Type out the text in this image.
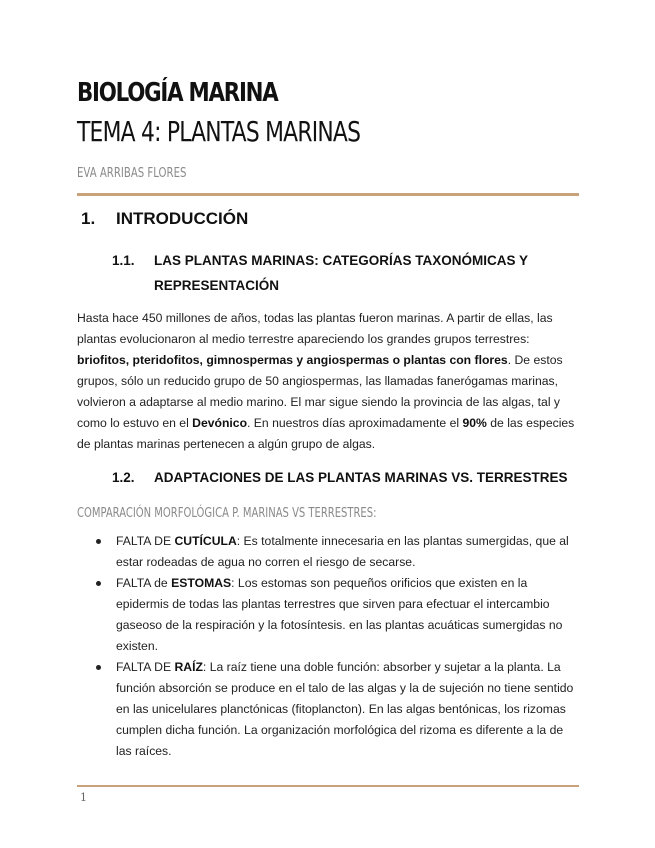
BIOLOGÍA MARINA
TEMA 4: PLANTAS MARINAS
EVA ARRIBAS FLORES
1. INTRODUCCIÓN
1.1. LAS PLANTAS MARINAS: CATEGORÍAS TAXONÓMICAS Y REPRESENTACIÓN

Hasta hace 450 millones de años, todas las plantas fueron marinas. A partir de ellas, las plantas evolucionaron al medio terrestre apareciendo los grandes grupos terrestres: briofitos, pteridofitos, gimnospermas y angiospermas o plantas con flores. De estos grupos, sólo un reducido grupo de 50 angiospermas, las llamadas fanerógamas marinas, volvieron a adaptarse al medio marino. El mar sigue siendo la provincia de las algas, tal y como lo estuvo en el Devónico. En nuestros días aproximadamente el 90% de las especies de plantas marinas pertenecen a algún grupo de algas.

1.2. ADAPTACIONES DE LAS PLANTAS MARINAS VS. TERRESTRES
COMPARACIÓN MORFOLÓGICA P. MARINAS VS TERRESTRES:
FALTA DE CUTÍCULA: Es totalmente innecesaria en las plantas sumergidas, que al estar rodeadas de agua no corren el riesgo de secarse.
FALTA de ESTOMAS: Los estomas son pequeños orificios que existen en la epidermis de todas las plantas terrestres que sirven para efectuar el intercambio gaseoso de la respiración y la fotosíntesis. en las plantas acuáticas sumergidas no existen.
FALTA DE RAÍZ: La raíz tiene una doble función: absorber y sujetar a la planta. La función absorción se produce en el talo de las algas y la de sujeción no tiene sentido en las unicelulares planctónicas (fitoplancton). En las algas bentónicas, los rizomas cumplen dicha función. La organización morfológica del rizoma es diferente a la de las raíces.
1
